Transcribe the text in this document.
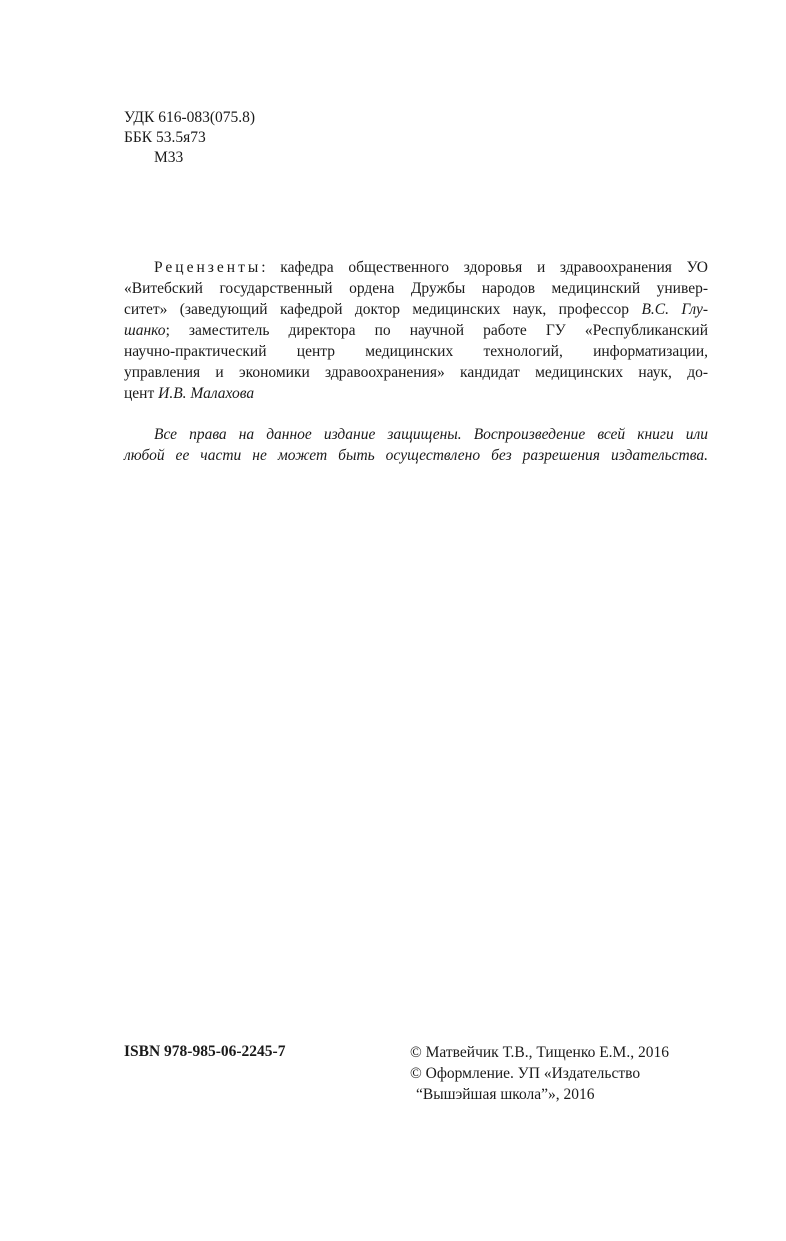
УДК 616-083(075.8)
ББК 53.5я73
М33
Рецензенты: кафедра общественного здоровья и здравоохранения УО
«Витебский государственный ордена Дружбы народов медицинский универ-
ситет» (заведующий кафедрой доктор медицинских наук, профессор В.С. Глу-
шанко; заместитель директора по научной работе ГУ «Республиканский
научно-практический центр медицинских технологий, информатизации,
управления и экономики здравоохранения» кандидат медицинских наук, до-
цент И.В. Малахова
Все права на данное издание защищены. Воспроизведение всей книги или
любой ее части не может быть осуществлено без разрешения издательства.
ISBN 978-985-06-2245-7	© Матвейчик Т.В., Тищенко Е.М., 2016
© Оформление. УП «Издательство
“Вышэйшая школа”», 2016
